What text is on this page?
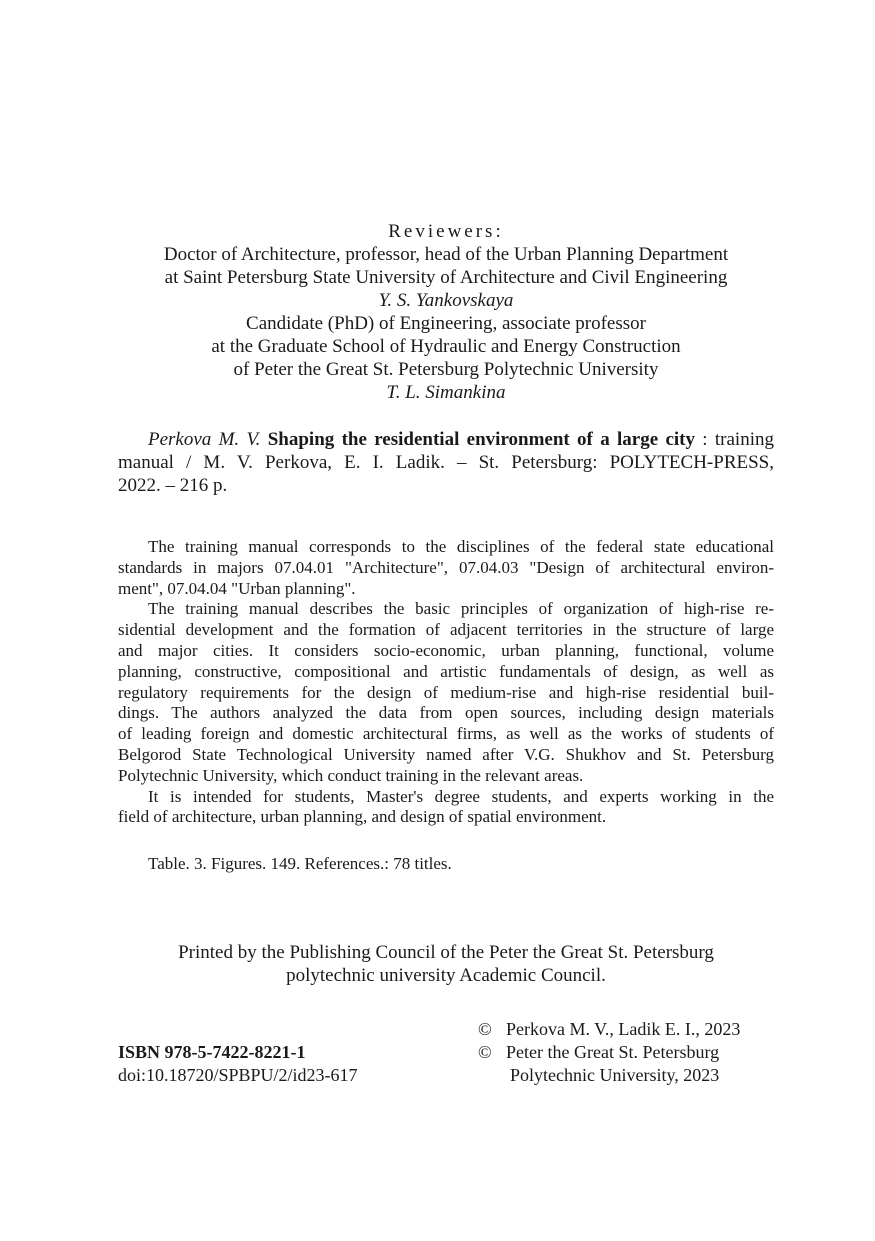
Reviewers:
Doctor of Architecture, professor, head of the Urban Planning Department
at Saint Petersburg State University of Architecture and Civil Engineering
Y. S. Yankovskaya
Candidate (PhD) of Engineering, associate professor
at the Graduate School of Hydraulic and Energy Construction
of Peter the Great St. Petersburg Polytechnic University
T. L. Simankina
Perkova M. V. Shaping the residential environment of a large city : training
manual / M. V. Perkova, E. I. Ladik. – St. Petersburg: POLYTECH-PRESS,
2022. – 216 p.
The training manual corresponds to the disciplines of the federal state educational
standards in majors 07.04.01 "Architecture", 07.04.03 "Design of architectural environ-
ment", 07.04.04 "Urban planning".
The training manual describes the basic principles of organization of high-rise re-
sidential development and the formation of adjacent territories in the structure of large
and major cities. It considers socio-economic, urban planning, functional, volume
planning, constructive, compositional and artistic fundamentals of design, as well as
regulatory requirements for the design of medium-rise and high-rise residential buil-
dings. The authors analyzed the data from open sources, including design materials
of leading foreign and domestic architectural firms, as well as the works of students of
Belgorod State Technological University named after V.G. Shukhov and St. Petersburg
Polytechnic University, which conduct training in the relevant areas.
It is intended for students, Master's degree students, and experts working in the
field of architecture, urban planning, and design of spatial environment.
Table. 3. Figures. 149. References.: 78 titles.
Printed by the Publishing Council of the Peter the Great St. Petersburg
polytechnic university Academic Council.
ISBN 978-5-7422-8221-1
doi:10.18720/SPBPU/2/id23-617
© Perkova M. V., Ladik E. I., 2023
© Peter the Great St. Petersburg
Polytechnic University, 2023
